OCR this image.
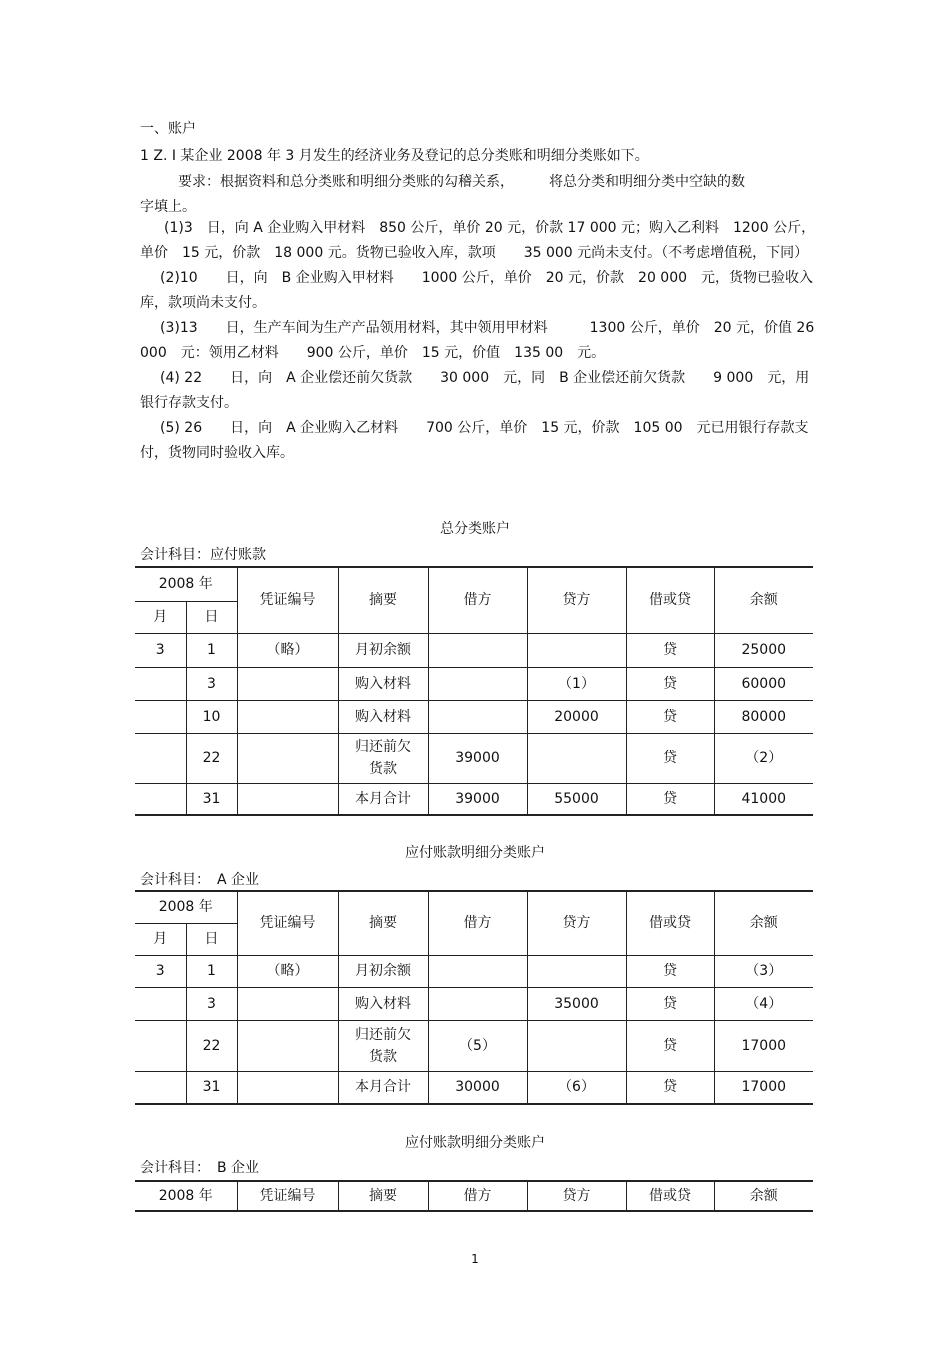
一、账户
1 Z. I 某企业 2008 年 3 月发生的经济业务及登记的总分类账和明细分类账如下。
要求：根据资料和总分类账和明细分类账的勾稽关系，　　　将总分类和明细分类中空缺的数
字填上。

(1)3　日，向 A 企业购入甲材料　850 公斤，单价 20 元，价款 17 000 元；购入乙利料　1200 公斤，单价　15 元，价款　18 000 元。货物已验收入库，款项　　35 000 元尚未支付。（不考虑增值税，下同）

(2)10　　日，向　B 企业购入甲材料　　1000 公斤，单价　20 元，价款　20 000　元，货物已验收入库，款项尚未支付。

(3)13　　日，生产车间为生产产品领用材料，其中领用甲材料　　　1300 公斤，单价　20 元，价值 26 000　元：领用乙材料　　900 公斤，单价　15 元，价值　135 00　元。

(4) 22　　日，向　A 企业偿还前欠货款　　30 000　元，同　B 企业偿还前欠货款　　9 000　元，用银行存款支付。

(5) 26　　日，向　A 企业购入乙材料　　700 公斤，单价　15 元，价款　105 00　元已用银行存款支付，货物同时验收入库。

总分类账户
会计科目：应付账款
2008 年		凭证编号	摘要	借方	贷方	借或贷	余额
月	日						
3	1	（略）	月初余额			贷	25000
	3		购入材料		（1）	贷	60000
	10		购入材料		20000	贷	80000
	22		归还前欠货款	39000		贷	（2）
	31		本月合计	39000	55000	贷	41000
应付账款明细分类账户
会计科目：　A 企业
2008 年		凭证编号	摘要	借方	贷方	借或贷	余额
月	日						
3	1	（略）	月初余额			贷	（3）
	3		购入材料		35000	贷	（4）
	22		归还前欠货款	（5）		贷	17000
	31		本月合计	30000	（6）	贷	17000
应付账款明细分类账户
会计科目：　B 企业
2008 年	凭证编号	摘要	借方	贷方	借或贷	余额
1
